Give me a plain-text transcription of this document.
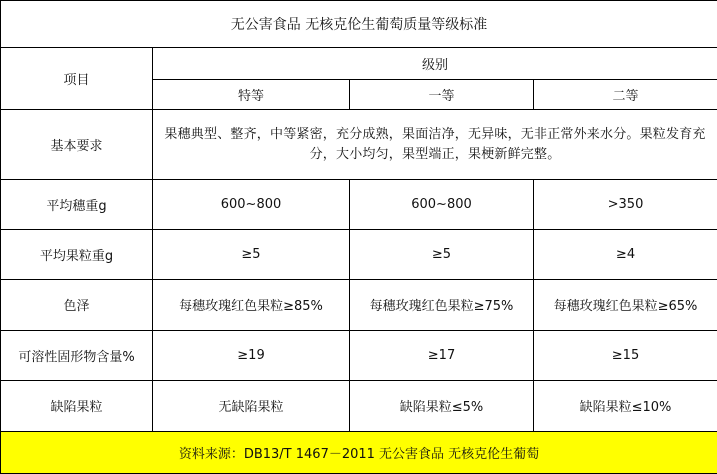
无公害食品 无核克伦生葡萄质量等级标准			
项目	级别		
	特等	一等	二等
基本要求	果穗典型、整齐，中等紧密，充分成熟，果面洁净，无异味，无非正常外来水分。果粒发育充分，大小均匀，果型端正，果梗新鲜完整。		
平均穗重g	600~800	600~800	>350
平均果粒重g	≥5	≥5	≥4
色泽	每穗玫瑰红色果粒≥85%	每穗玫瑰红色果粒≥75%	每穗玫瑰红色果粒≥65%
可溶性固形物含量%	≥19	≥17	≥15
缺陷果粒	无缺陷果粒	缺陷果粒≤5%	缺陷果粒≤10%
资料来源：DB13/T 1467－2011 无公害食品 无核克伦生葡萄			
